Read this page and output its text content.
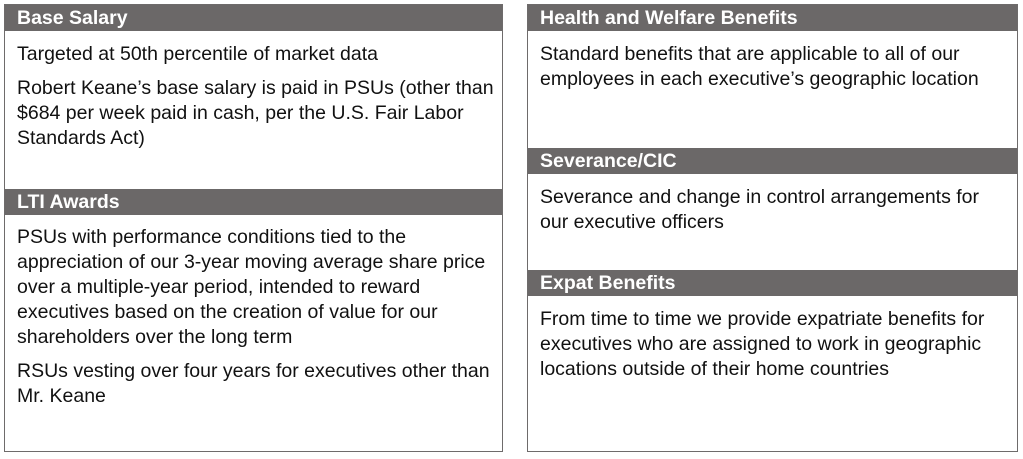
Base Salary

Targeted at 50th percentile of market data

Robert Keane’s base salary is paid in PSUs (other than $684 per week paid in cash, per the U.S. Fair Labor Standards Act)

LTI Awards

PSUs with performance conditions tied to the appreciation of our 3-year moving average share price over a multiple-year period, intended to reward executives based on the creation of value for our shareholders over the long term

RSUs vesting over four years for executives other than Mr. Keane

Health and Welfare Benefits

Standard benefits that are applicable to all of our employees in each executive’s geographic location

Severance/CIC

Severance and change in control arrangements for our executive officers

Expat Benefits

From time to time we provide expatriate benefits for executives who are assigned to work in geographic locations outside of their home countries
